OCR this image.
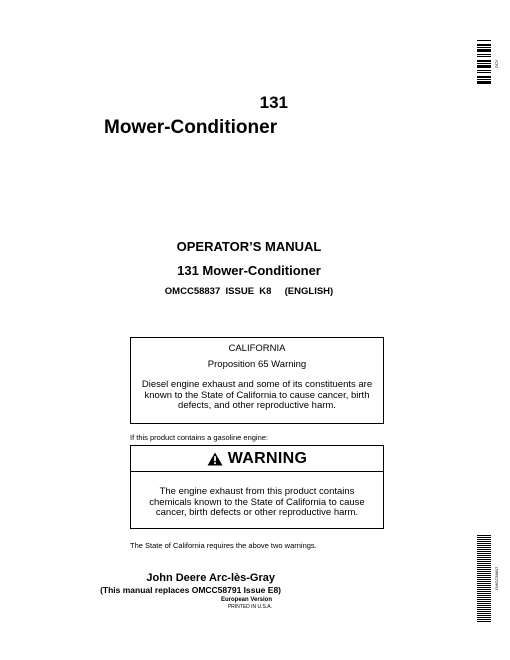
DCY
OMCC58837
131
Mower-Conditioner
OPERATOR’S MANUAL
131 Mower-Conditioner
OMCC58837  ISSUE  K8     (ENGLISH)
CALIFORNIA
Proposition 65 Warning
Diesel engine exhaust and some of its constituents are known to the State of California to cause cancer, birth defects, and other reproductive harm.
If this product contains a gasoline engine:
WARNING
The engine exhaust from this product contains chemicals known to the State of California to cause cancer, birth defects or other reproductive harm.
The State of California requires the above two warnings.
John Deere Arc-lès-Gray
(This manual replaces OMCC58791 Issue E8)
European Version
PRINTED IN U.S.A.
